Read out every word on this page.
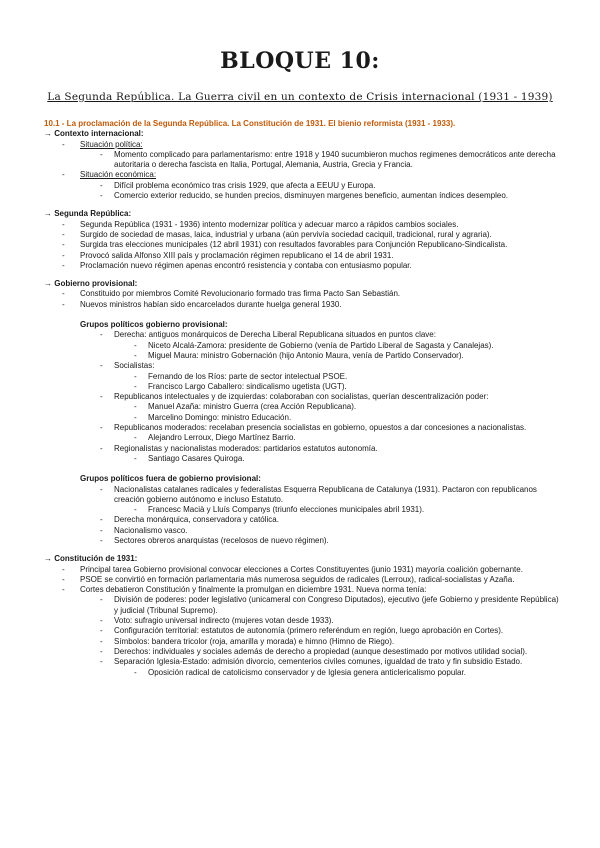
BLOQUE 10:
La Segunda República. La Guerra civil en un contexto de Crisis internacional (1931 - 1939)

10.1 - La proclamación de la Segunda República. La Constitución de 1931. El bienio reformista (1931 - 1933).

→ Contexto internacional:

- Situación política:

- Momento complicado para parlamentarismo: entre 1918 y 1940 sucumbieron muchos regimenes democráticos ante derecha autoritaria o derecha fascista en Italia, Portugal, Alemania, Austria, Grecia y Francia.

- Situación económica:

- Difícil problema económico tras crisis 1929, que afecta a EEUU y Europa.

- Comercio exterior reducido, se hunden precios, disminuyen margenes beneficio, aumentan índices desempleo.

→ Segunda República:

- Segunda República (1931 - 1936) intento modernizar política y adecuar marco a rápidos cambios sociales.

- Surgido de sociedad de masas, laica, industrial y urbana (aún pervivía sociedad caciquil, tradicional, rural y agraria).

- Surgida tras elecciones municipales (12 abril 1931) con resultados favorables para Conjunción Republicano-Sindicalista.

- Provocó salida Alfonso XIII país y proclamación régimen republicano el 14 de abril 1931.

- Proclamación nuevo régimen apenas encontró resistencia y contaba con entusiasmo popular.

→ Gobierno provisional:

- Constituido por miembros Comité Revolucionario formado tras firma Pacto San Sebastián.

- Nuevos ministros habían sido encarcelados durante huelga general 1930.

Grupos políticos gobierno provisional:

- Derecha: antiguos monárquicos de Derecha Liberal Republicana situados en puntos clave:

- Niceto Alcalá-Zamora: presidente de Gobierno (venía de Partido Liberal de Sagasta y Canalejas).

- Miguel Maura: ministro Gobernación (hijo Antonio Maura, venía de Partido Conservador).

- Socialistas:

- Fernando de los Ríos: parte de sector intelectual PSOE.

- Francisco Largo Caballero: sindicalismo ugetista (UGT).

- Republicanos intelectuales y de izquierdas: colaboraban con socialistas, querían descentralización poder:

- Manuel Azaña: ministro Guerra (crea Acción Republicana).

- Marcelino Domingo: ministro Educación.

- Republicanos moderados: recelaban presencia socialistas en gobierno, opuestos a dar concesiones a nacionalistas.

- Alejandro Lerroux, Diego Martínez Barrio.

- Regionalistas y nacionalistas moderados: partidarios estatutos autonomía.

- Santiago Casares Quiroga.

Grupos políticos fuera de gobierno provisional:

- Nacionalistas catalanes radicales y federalistas Esquerra Republicana de Catalunya (1931). Pactaron con republicanos creación gobierno autónomo e incluso Estatuto.

- Francesc Macià y Lluís Companys (triunfo elecciones municipales abril 1931).

- Derecha monárquica, conservadora y católica.

- Nacionalismo vasco.

- Sectores obreros anarquistas (recelosos de nuevo régimen).

→ Constitución de 1931:

- Principal tarea Gobierno provisional convocar elecciones a Cortes Constituyentes (junio 1931) mayoría coalición gobernante.

- PSOE se convirtió en formación parlamentaria más numerosa seguidos de radicales (Lerroux), radical-socialistas y Azaña.

- Cortes debatieron Constitución y finalmente la promulgan en diciembre 1931. Nueva norma tenía:

- División de poderes: poder legislativo (unicameral con Congreso Diputados), ejecutivo (jefe Gobierno y presidente República) y judicial (Tribunal Supremo).

- Voto: sufragio universal indirecto (mujeres votan desde 1933).

- Configuración territorial: estatutos de autonomía (primero referéndum en región, luego aprobación en Cortes).

- Símbolos: bandera tricolor (roja, amarilla y morada) e himno (Himno de Riego).

- Derechos: individuales y sociales además de derecho a propiedad (aunque desestimado por motivos utilidad social).

- Separación Iglesia-Estado: admisión divorcio, cementerios civiles comunes, igualdad de trato y fin subsidio Estado.

- Oposición radical de catolicismo conservador y de Iglesia genera anticlericalismo popular.
